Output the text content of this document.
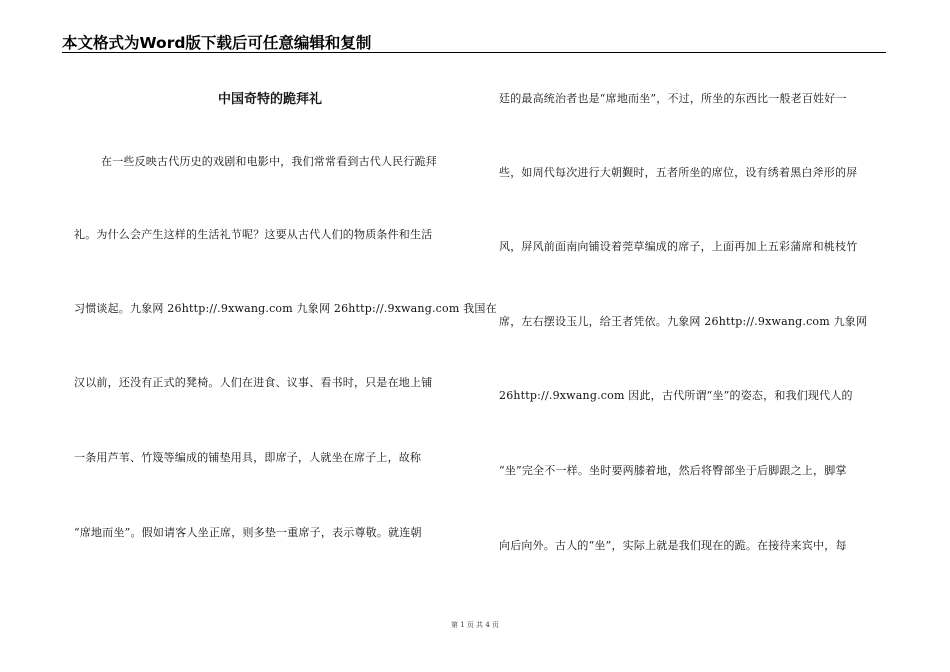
本文格式为Word版下载后可任意编辑和复制
中国奇特的跪拜礼
在一些反映古代历史的戏剧和电影中，我们常常看到古代人民行跪拜
礼。为什么会产生这样的生活礼节呢？这要从古代人们的物质条件和生活
习惯谈起。九象网 26http://.9xwang.com 九象网 26http://.9xwang.com 我国在
汉以前，还没有正式的凳椅。人们在进食、议事、看书时，只是在地上铺
一条用芦苇、竹篾等编成的铺垫用具，即席子，人就坐在席子上，故称
“席地而坐”。假如请客人坐正席，则多垫一重席子，表示尊敬。就连朝
廷的最高统治者也是“席地而坐”，不过，所坐的东西比一般老百姓好一
些，如周代每次进行大朝觐时，五者所坐的席位，设有绣着黑白斧形的屏
风，屏风前面南向铺设着莞草编成的席子，上面再加上五彩蒲席和桃枝竹
席，左右摆设玉儿，给王者凭依。九象网 26http://.9xwang.com 九象网
26http://.9xwang.com 因此，古代所谓“坐”的姿态，和我们现代人的
“坐”完全不一样。坐时要两膝着地，然后将臀部坐于后脚跟之上，脚掌
向后向外。古人的“坐”，实际上就是我们现在的跪。在接待来宾中，每
第 1 页 共 4 页
